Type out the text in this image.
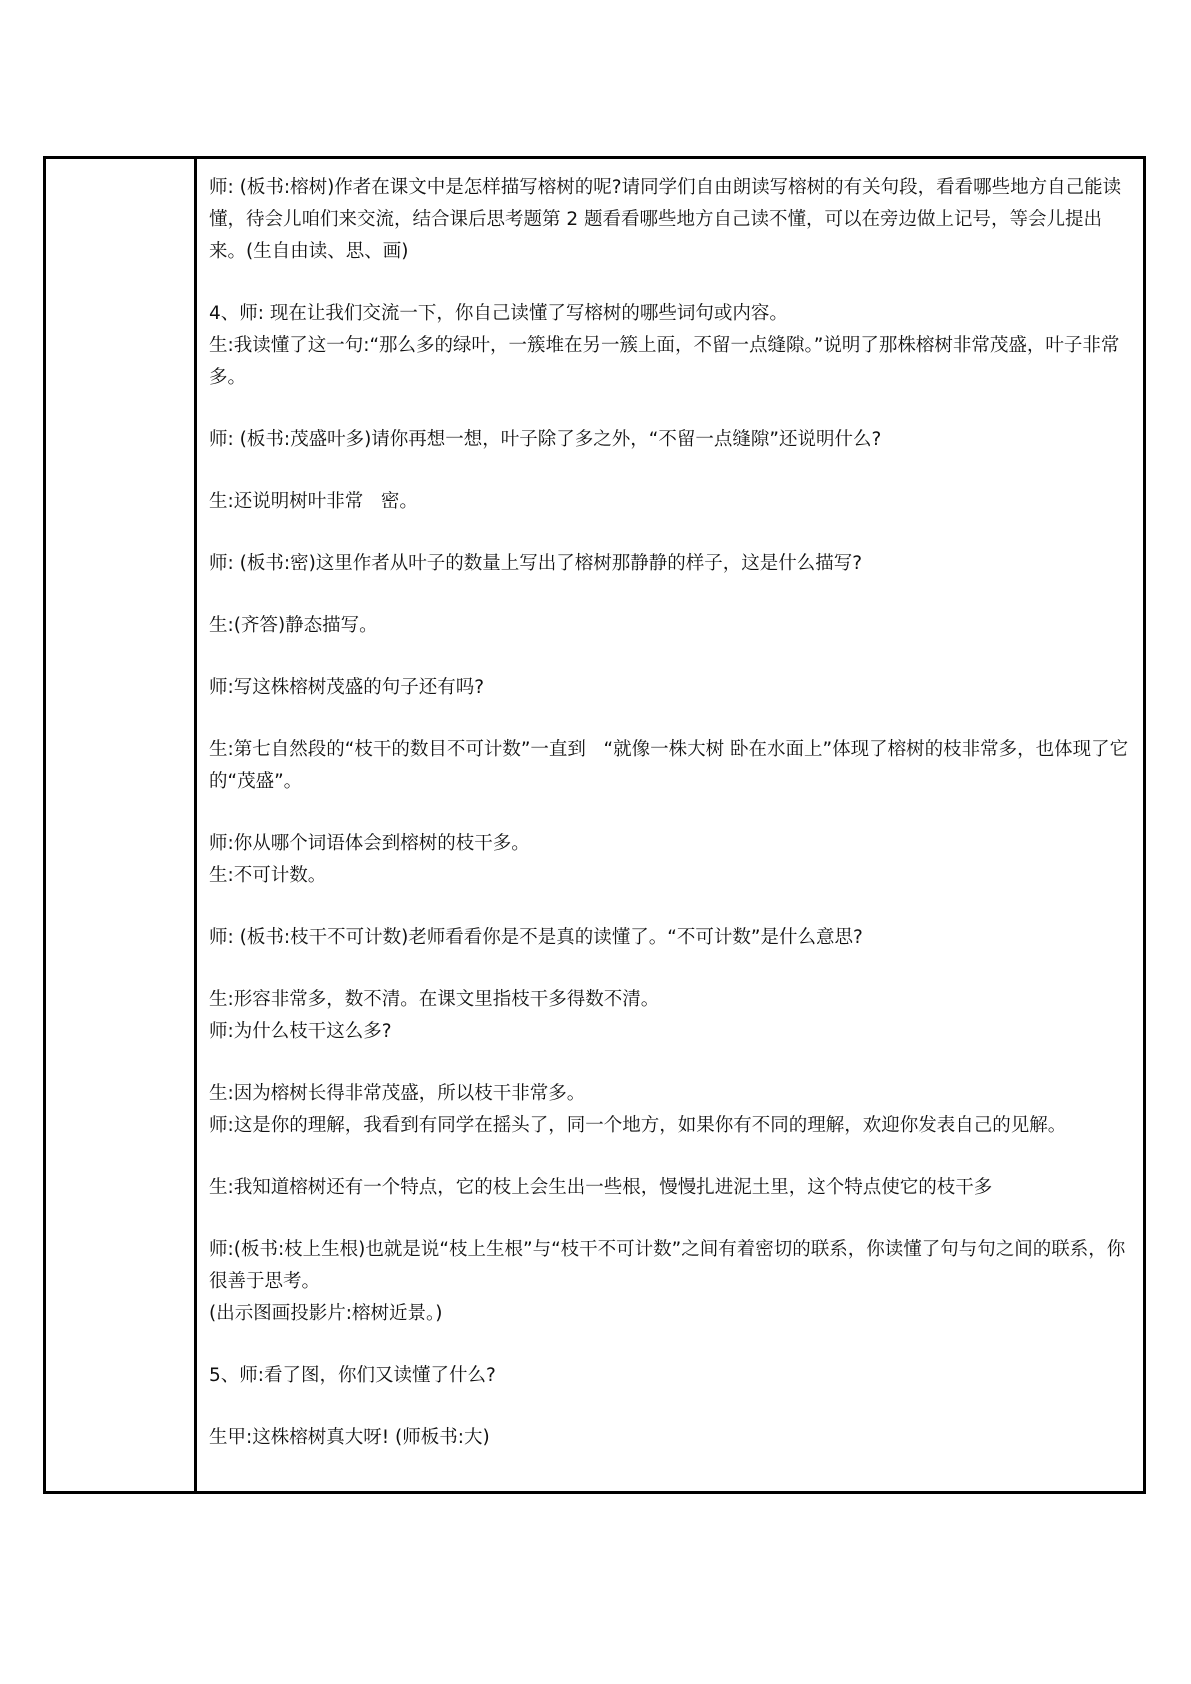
师: (板书:榕树)作者在课文中是怎样描写榕树的呢?请同学们自由朗读写榕树的有关句段，看看哪些地方自己能读懂，待会儿咱们来交流，结合课后思考题第 2 题看看哪些地方自己读不懂，可以在旁边做上记号，等会儿提出来。(生自由读、思、画)

4、师: 现在让我们交流一下，你自己读懂了写榕树的哪些词句或内容。

生:我读懂了这一句:“那么多的绿叶，一簇堆在另一簇上面，不留一点缝隙。”说明了那株榕树非常茂盛，叶子非常多。

师: (板书:茂盛叶多)请你再想一想，叶子除了多之外，“不留一点缝隙”还说明什么?

生:还说明树叶非常   密。

师: (板书:密)这里作者从叶子的数量上写出了榕树那静静的样子，这是什么描写?

生:(齐答)静态描写。

师:写这株榕树茂盛的句子还有吗?

生:第七自然段的“枝干的数目不可计数”一直到   “就像一株大树 卧在水面上”体现了榕树的枝非常多，也体现了它的“茂盛”。

师:你从哪个词语体会到榕树的枝干多。

生:不可计数。

师: (板书:枝干不可计数)老师看看你是不是真的读懂了。“不可计数”是什么意思?

生:形容非常多，数不清。在课文里指枝干多得数不清。

师:为什么枝干这么多?

生:因为榕树长得非常茂盛，所以枝干非常多。

师:这是你的理解，我看到有同学在摇头了，同一个地方，如果你有不同的理解，欢迎你发表自己的见解。

生:我知道榕树还有一个特点，它的枝上会生出一些根，慢慢扎进泥土里，这个特点使它的枝干多

师:(板书:枝上生根)也就是说“枝上生根”与“枝干不可计数”之间有着密切的联系，你读懂了句与句之间的联系，你很善于思考。

(出示图画投影片:榕树近景。)

5、师:看了图，你们又读懂了什么?

生甲:这株榕树真大呀! (师板书:大)
